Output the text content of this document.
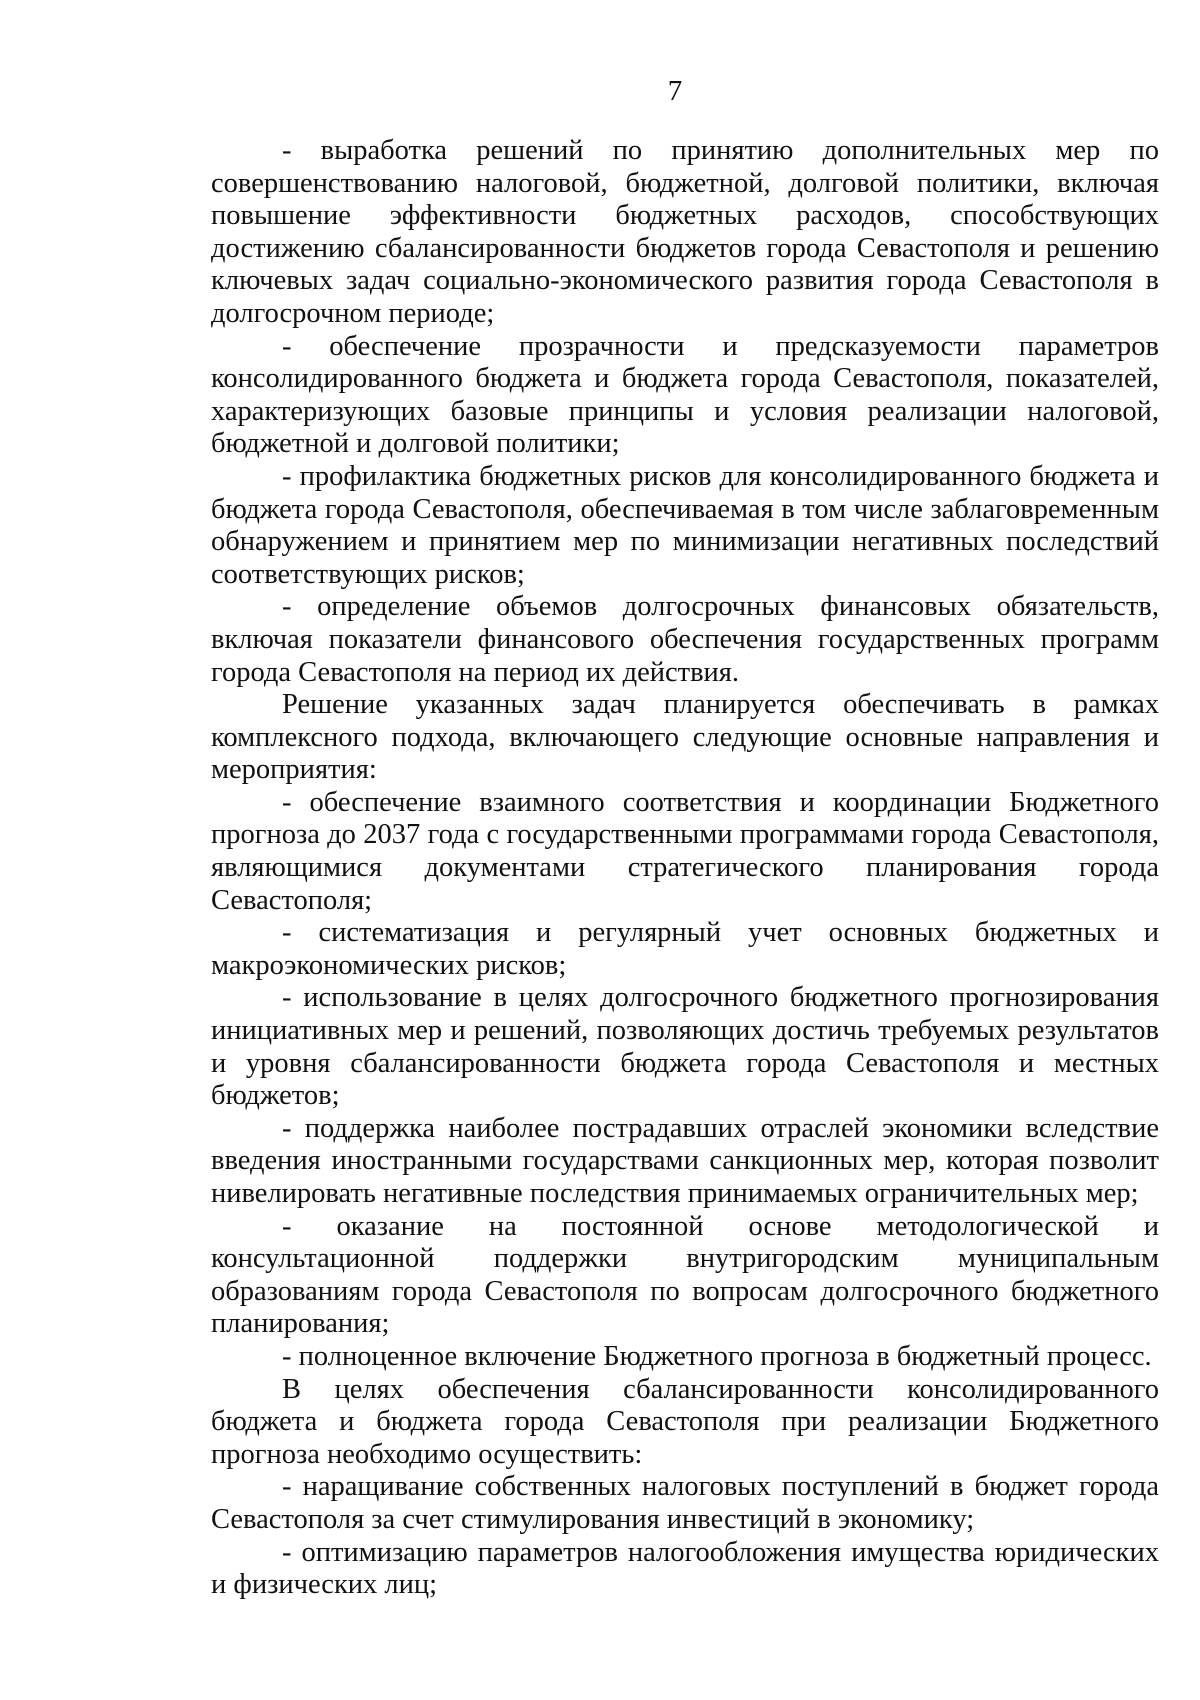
7

- выработка решений по принятию дополнительных мер по совершенствованию налоговой, бюджетной, долговой политики, включая повышение эффективности бюджетных расходов, способствующих достижению сбалансированности бюджетов города Севастополя и решению ключевых задач социально-экономического развития города Севастополя в долгосрочном периоде;

- обеспечение прозрачности и предсказуемости параметров консолидированного бюджета и бюджета города Севастополя, показателей, характеризующих базовые принципы и условия реализации налоговой, бюджетной и долговой политики;

- профилактика бюджетных рисков для консолидированного бюджета и бюджета города Севастополя, обеспечиваемая в том числе заблаговременным обнаружением и принятием мер по минимизации негативных последствий соответствующих рисков;

- определение объемов долгосрочных финансовых обязательств, включая показатели финансового обеспечения государственных программ города Севастополя на период их действия.

Решение указанных задач планируется обеспечивать в рамках комплексного подхода, включающего следующие основные направления и мероприятия:

- обеспечение взаимного соответствия и координации Бюджетного прогноза до 2037 года с государственными программами города Севастополя, являющимися документами стратегического планирования города Севастополя;

- систематизация и регулярный учет основных бюджетных и макроэкономических рисков;

- использование в целях долгосрочного бюджетного прогнозирования инициативных мер и решений, позволяющих достичь требуемых результатов и уровня сбалансированности бюджета города Севастополя и местных бюджетов;

- поддержка наиболее пострадавших отраслей экономики вследствие введения иностранными государствами санкционных мер, которая позволит нивелировать негативные последствия принимаемых ограничительных мер;

- оказание на постоянной основе методологической и консультационной поддержки внутригородским муниципальным образованиям города Севастополя по вопросам долгосрочного бюджетного планирования;

- полноценное включение Бюджетного прогноза в бюджетный процесс.

В целях обеспечения сбалансированности консолидированного бюджета и бюджета города Севастополя при реализации Бюджетного прогноза необходимо осуществить:

- наращивание собственных налоговых поступлений в бюджет города Севастополя за счет стимулирования инвестиций в экономику;

- оптимизацию параметров налогообложения имущества юридических и физических лиц;
